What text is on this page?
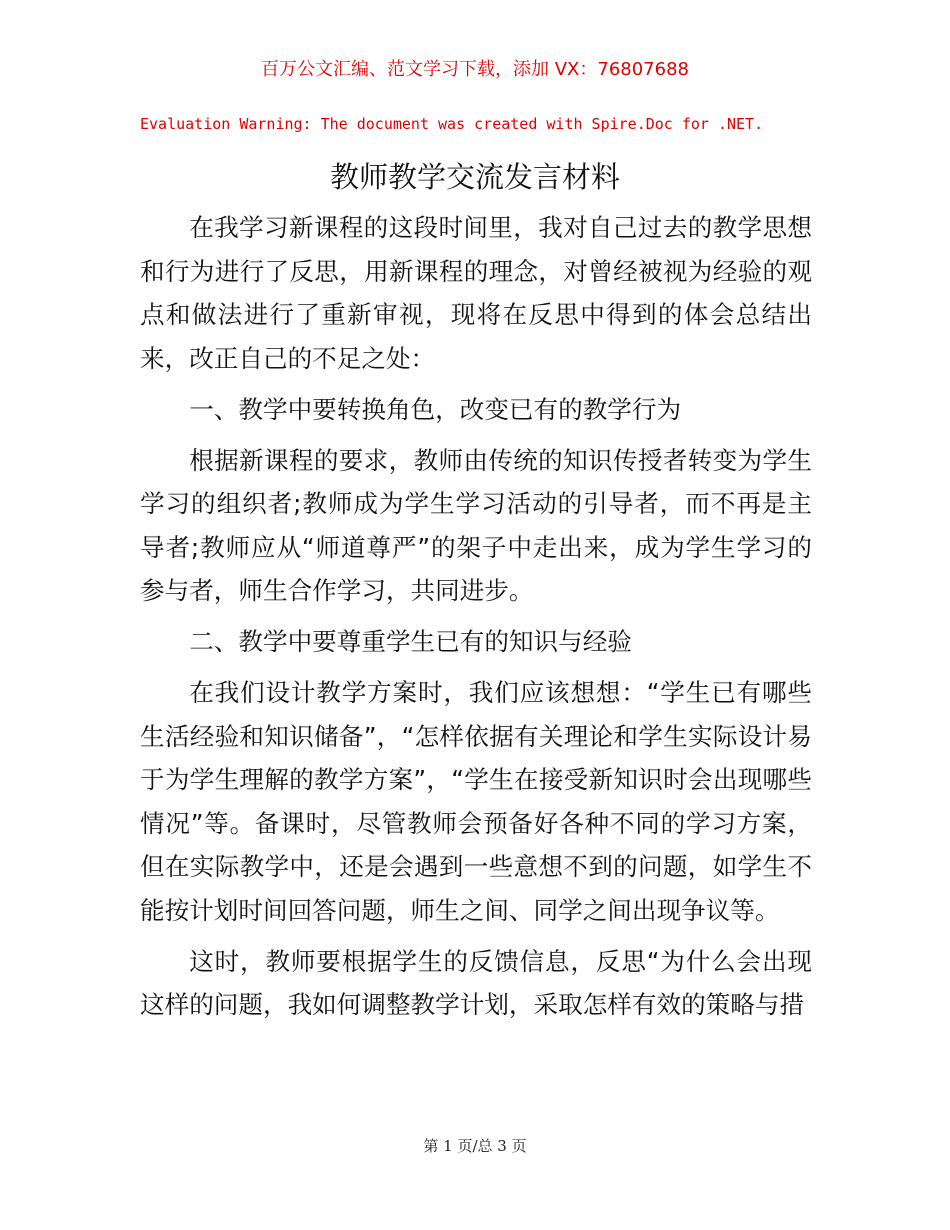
百万公文汇编、范文学习下载，添加 VX：76807688
Evaluation Warning: The document was created with Spire.Doc for .NET.
教师教学交流发言材料

在我学习新课程的这段时间里，我对自己过去的教学思想和行为进行了反思，用新课程的理念，对曾经被视为经验的观点和做法进行了重新审视，现将在反思中得到的体会总结出来，改正自己的不足之处：

一、教学中要转换角色，改变已有的教学行为

根据新课程的要求，教师由传统的知识传授者转变为学生学习的组织者;教师成为学生学习活动的引导者，而不再是主导者;教师应从“师道尊严”的架子中走出来，成为学生学习的参与者，师生合作学习，共同进步。

二、教学中要尊重学生已有的知识与经验

在我们设计教学方案时，我们应该想想：“学生已有哪些生活经验和知识储备”，“怎样依据有关理论和学生实际设计易于为学生理解的教学方案”，“学生在接受新知识时会出现哪些情况”等。备课时，尽管教师会预备好各种不同的学习方案，但在实际教学中，还是会遇到一些意想不到的问题，如学生不能按计划时间回答问题，师生之间、同学之间出现争议等。

这时，教师要根据学生的反馈信息，反思“为什么会出现这样的问题，我如何调整教学计划，采取怎样有效的策略与措

第 1 页/总 3 页
